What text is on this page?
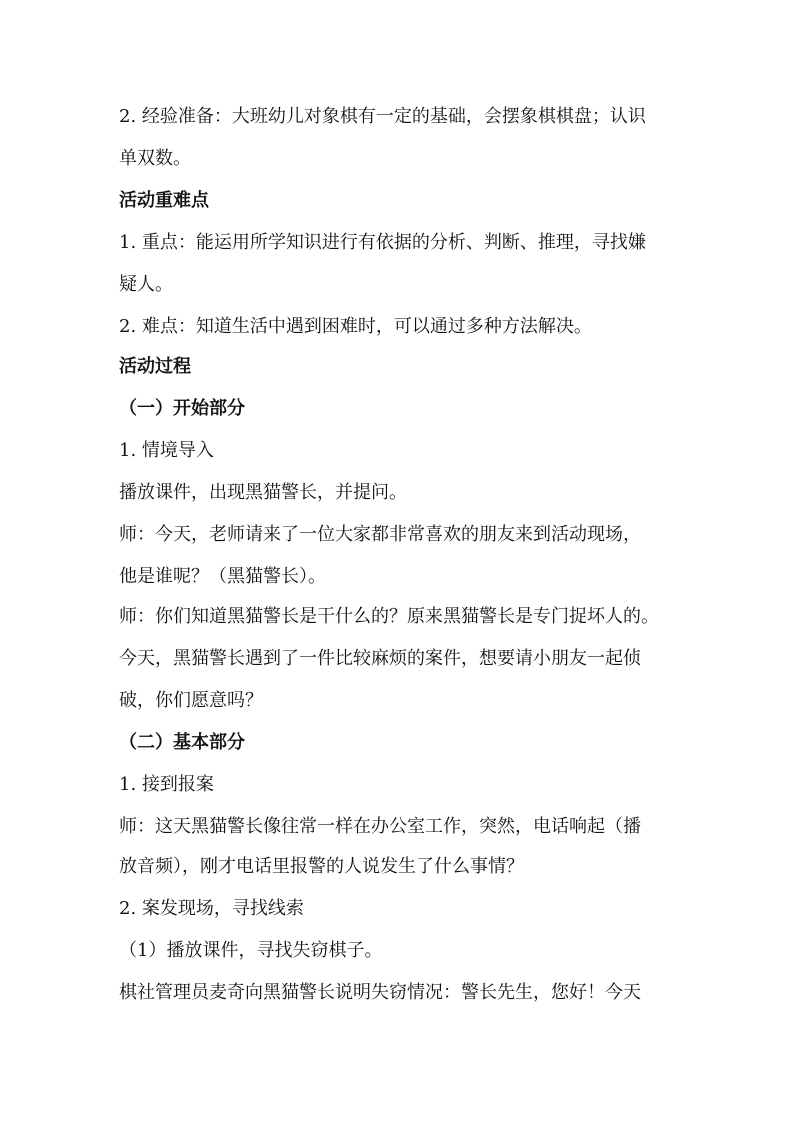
2. 经验准备：大班幼儿对象棋有一定的基础，会摆象棋棋盘；认识
单双数。
活动重难点
1. 重点：能运用所学知识进行有依据的分析、判断、推理，寻找嫌
疑人。
2. 难点：知道生活中遇到困难时，可以通过多种方法解决。
活动过程
（一）开始部分
1. 情境导入
播放课件，出现黑猫警长，并提问。
师：今天，老师请来了一位大家都非常喜欢的朋友来到活动现场，
他是谁呢？（黑猫警长）。
师：你们知道黑猫警长是干什么的？原来黑猫警长是专门捉坏人的。
今天，黑猫警长遇到了一件比较麻烦的案件，想要请小朋友一起侦
破，你们愿意吗？
（二）基本部分
1. 接到报案
师：这天黑猫警长像往常一样在办公室工作，突然，电话响起（播
放音频），刚才电话里报警的人说发生了什么事情？
2. 案发现场，寻找线索
（1）播放课件，寻找失窃棋子。
棋社管理员麦奇向黑猫警长说明失窃情况：警长先生，您好！今天
